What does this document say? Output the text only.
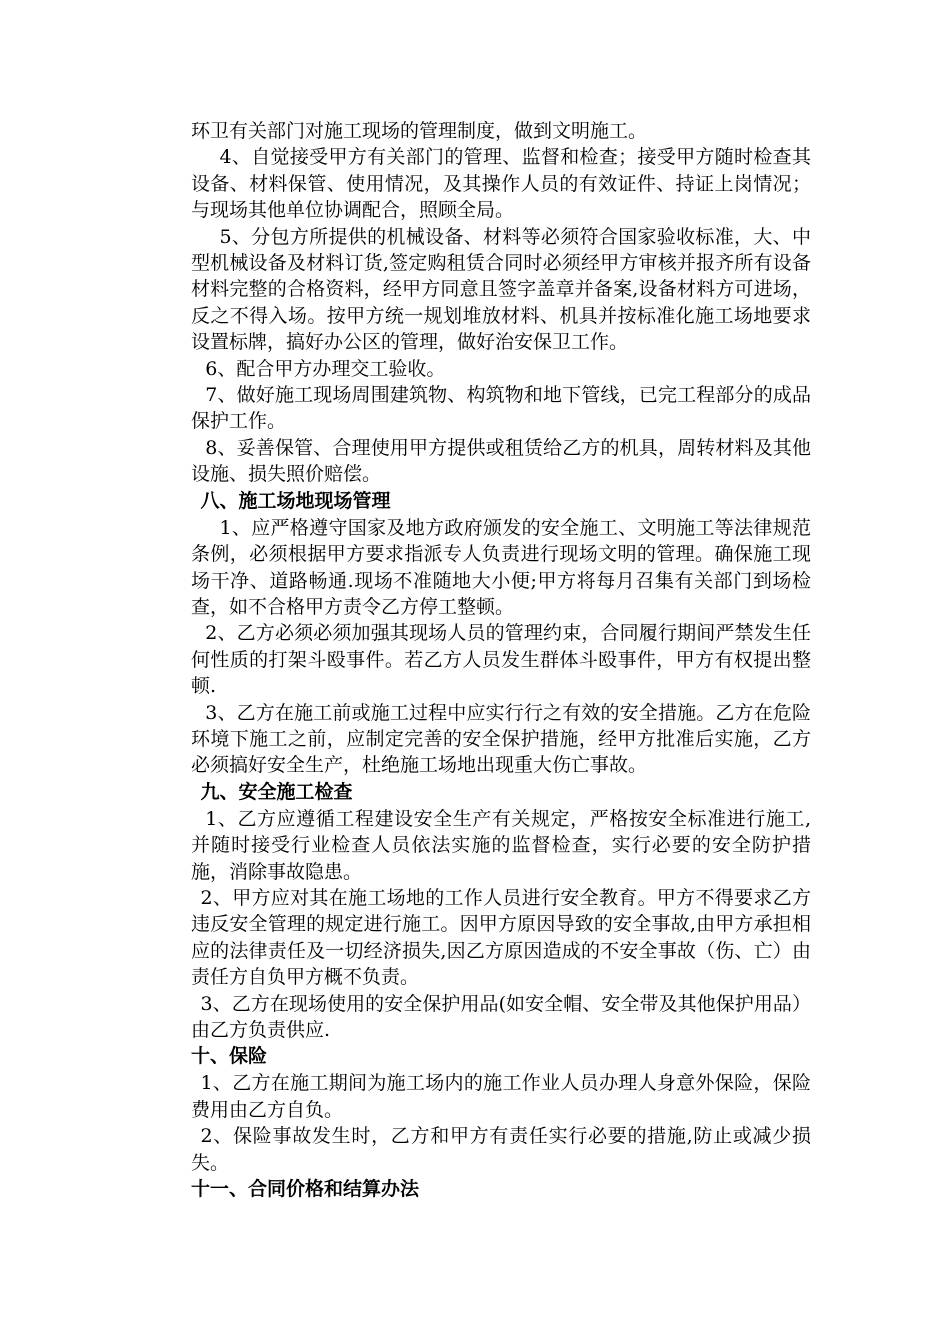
环卫有关部门对施工现场的管理制度，做到文明施工。

4、自觉接受甲方有关部门的管理、监督和检查；接受甲方随时检查其设备、材料保管、使用情况，及其操作人员的有效证件、持证上岗情况；与现场其他单位协调配合，照顾全局。

5、分包方所提供的机械设备、材料等必须符合国家验收标准，大、中型机械设备及材料订货,签定购租赁合同时必须经甲方审核并报齐所有设备材料完整的合格资料，经甲方同意且签字盖章并备案,设备材料方可进场，反之不得入场。按甲方统一规划堆放材料、机具并按标准化施工场地要求设置标牌，搞好办公区的管理，做好治安保卫工作。

6、配合甲方办理交工验收。

7、做好施工现场周围建筑物、构筑物和地下管线，已完工程部分的成品保护工作。

8、妥善保管、合理使用甲方提供或租赁给乙方的机具，周转材料及其他设施、损失照价赔偿。

八、施工场地现场管理

1、应严格遵守国家及地方政府颁发的安全施工、文明施工等法律规范条例，必须根据甲方要求指派专人负责进行现场文明的管理。确保施工现场干净、道路畅通.现场不准随地大小便;甲方将每月召集有关部门到场检查，如不合格甲方责令乙方停工整顿。

2、乙方必须必须加强其现场人员的管理约束，合同履行期间严禁发生任何性质的打架斗殴事件。若乙方人员发生群体斗殴事件，甲方有权提出整顿.

3、乙方在施工前或施工过程中应实行行之有效的安全措施。乙方在危险环境下施工之前，应制定完善的安全保护措施，经甲方批准后实施，乙方必须搞好安全生产，杜绝施工场地出现重大伤亡事故。

九、安全施工检查

1、乙方应遵循工程建设安全生产有关规定，严格按安全标准进行施工,并随时接受行业检查人员依法实施的监督检查，实行必要的安全防护措施，消除事故隐患。

2、甲方应对其在施工场地的工作人员进行安全教育。甲方不得要求乙方违反安全管理的规定进行施工。因甲方原因导致的安全事故,由甲方承担相应的法律责任及一切经济损失,因乙方原因造成的不安全事故（伤、亡）由责任方自负甲方概不负责。

3、乙方在现场使用的安全保护用品(如安全帽、安全带及其他保护用品）由乙方负责供应.

十、保险

1、乙方在施工期间为施工场内的施工作业人员办理人身意外保险，保险费用由乙方自负。

2、保险事故发生时，乙方和甲方有责任实行必要的措施,防止或减少损失。

十一、合同价格和结算办法
